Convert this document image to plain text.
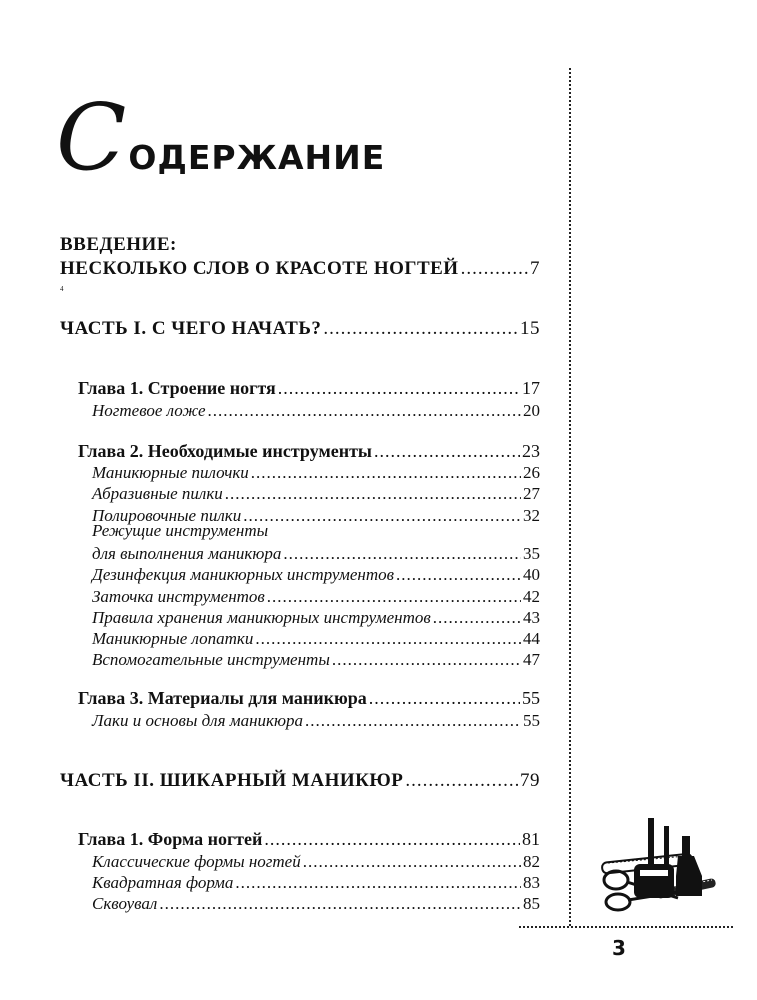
СОДЕРЖАНИЕ
ВВЕДЕНИЕ:
НЕСКОЛЬКО СЛОВ О КРАСОТЕ НОГТЕЙ .....	7
4
ЧАСТЬ I. С ЧЕГО НАЧАТЬ? .....	15
Глава 1. Строение ногтя .....	17
Ногтевое ложе .....	20
Глава 2. Необходимые инструменты .....	23
Маникюрные пилочки .....	26
Абразивные пилки .....	27
Полировочные пилки .....	32
Режущие инструменты
для выполнения маникюра .....	35
Дезинфекция маникюрных инструментов .....	40
Заточка инструментов .....	42
Правила хранения маникюрных инструментов .....	43
Маникюрные лопатки .....	44
Вспомогательные инструменты .....	47
Глава 3. Материалы для маникюра .....	55
Лаки и основы для маникюра .....	55
ЧАСТЬ II. ШИКАРНЫЙ МАНИКЮР .....	79
Глава 1. Форма ногтей .....	81
Классические формы ногтей .....	82
Квадратная форма .....	83
Сквоувал .....	85
3
